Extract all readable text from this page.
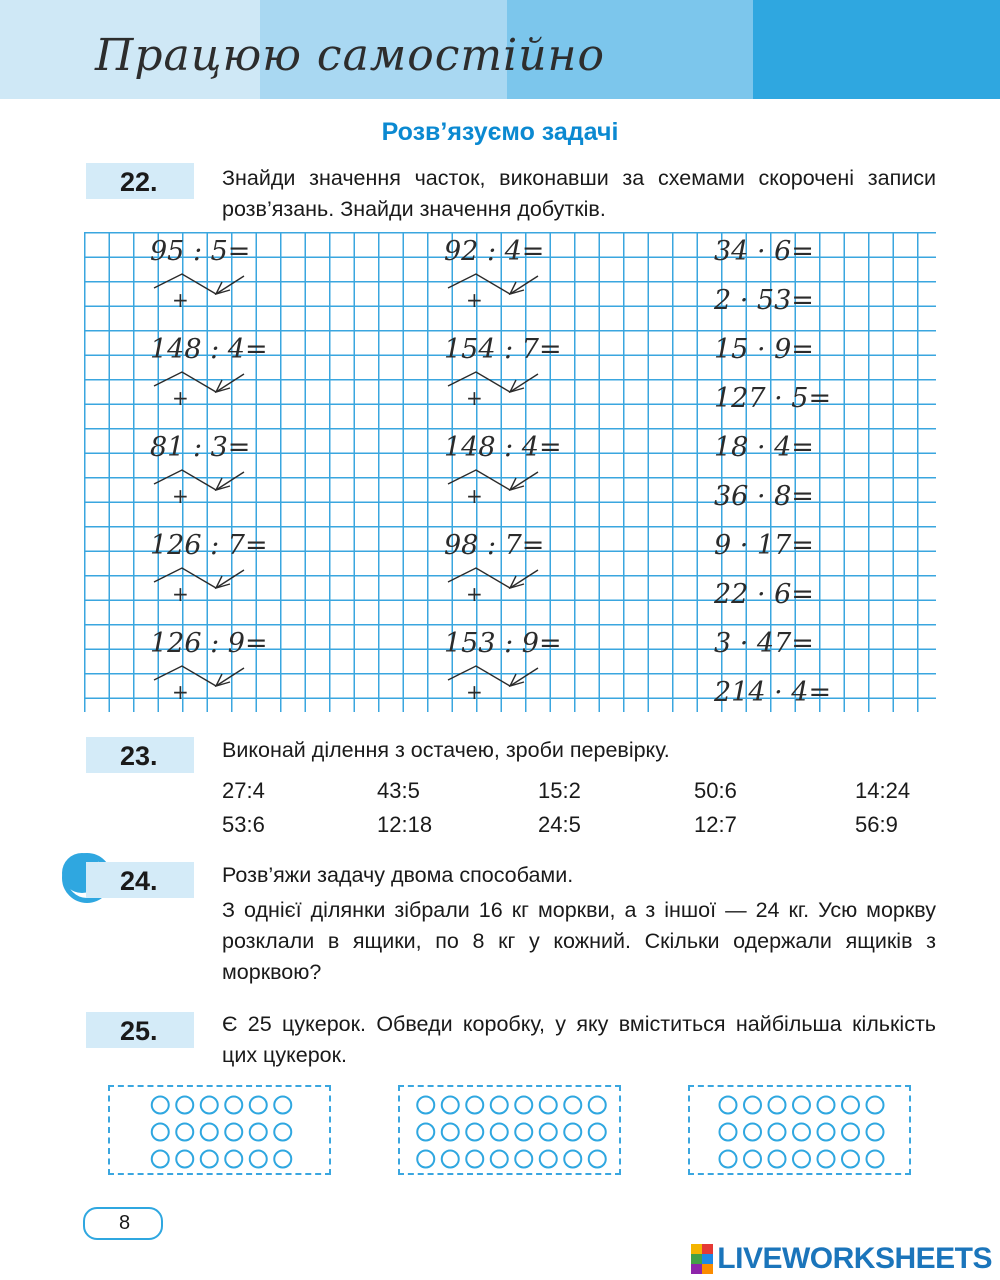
Працюю самостійно
Розв’язуємо задачі
22.	Знайди значення часток, виконавши за схемами скорочені записи розв’язань. Знайди значення добутків.
95 : 5=
+
148 : 4=
+
81 : 3=
+
126 : 7=
+
126 : 9=
+
92 : 4=
+
154 : 7=
+
148 : 4=
+
98 : 7=
+
153 : 9=
+
34 · 6=
2 · 53=
15 · 9=
127 · 5=
18 · 4=
36 · 8=
9 · 17=
22 · 6=
3 · 47=
214 · 4=
23.	Виконай ділення з остачею, зроби перевірку.
27:4	43:5	15:2	50:6	14:24
53:6	12:18	24:5	12:7	56:9
24.	Розв’яжи задачу двома способами.
З однієї ділянки зібрали 16 кг моркви, а з іншої — 24 кг. Усю моркву розклали в ящики, по 8 кг у кожний. Скільки одержали ящиків з морквою?
25.	Є 25 цукерок. Обведи коробку, у яку вміститься найбільша кількість цих цукерок.
8
LIVEWORKSHEETS
